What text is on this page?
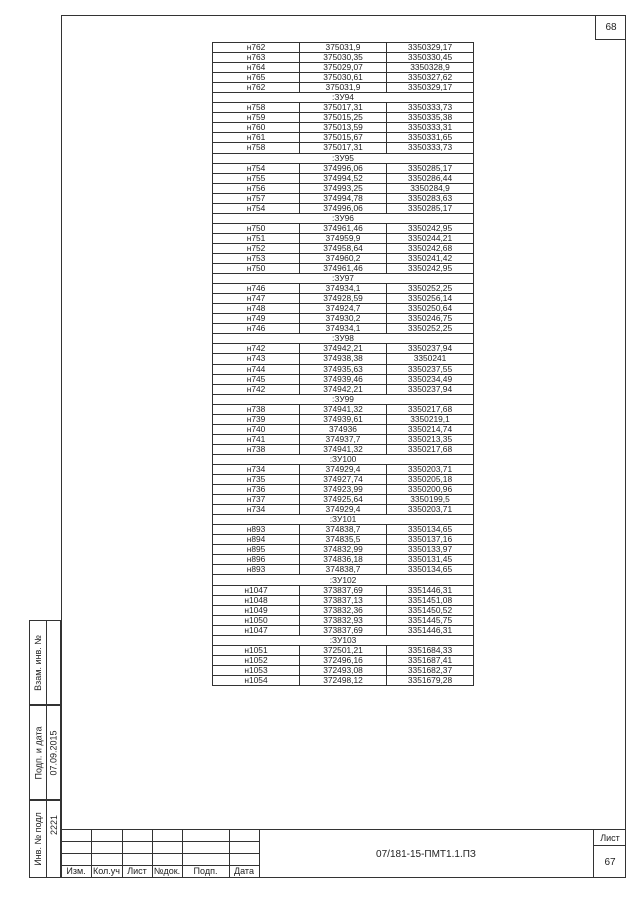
68
н762	375031,9	3350329,17
н763	375030,35	3350330,45
н764	375029,07	3350328,9
н765	375030,61	3350327,62
н762	375031,9	3350329,17
:ЗУ94		
н758	375017,31	3350333,73
н759	375015,25	3350335,38
н760	375013,59	3350333,31
н761	375015,67	3350331,65
н758	375017,31	3350333,73
:ЗУ95		
н754	374996,06	3350285,17
н755	374994,52	3350286,44
н756	374993,25	3350284,9
н757	374994,78	3350283,63
н754	374996,06	3350285,17
:ЗУ96		
н750	374961,46	3350242,95
н751	374959,9	3350244,21
н752	374958,64	3350242,68
н753	374960,2	3350241,42
н750	374961,46	3350242,95
:ЗУ97		
н746	374934,1	3350252,25
н747	374928,59	3350256,14
н748	374924,7	3350250,64
н749	374930,2	3350246,75
н746	374934,1	3350252,25
:ЗУ98		
н742	374942,21	3350237,94
н743	374938,38	3350241
н744	374935,63	3350237,55
н745	374939,46	3350234,49
н742	374942,21	3350237,94
:ЗУ99		
н738	374941,32	3350217,68
н739	374939,61	3350219,1
н740	374936	3350214,74
н741	374937,7	3350213,35
н738	374941,32	3350217,68
:ЗУ100		
н734	374929,4	3350203,71
н735	374927,74	3350205,18
н736	374923,99	3350200,96
н737	374925,64	3350199,5
н734	374929,4	3350203,71
:ЗУ101		
н893	374838,7	3350134,65
н894	374835,5	3350137,16
н895	374832,99	3350133,97
н896	374836,18	3350131,45
н893	374838,7	3350134,65
:ЗУ102		
н1047	373837,69	3351446,31
н1048	373837,13	3351451,08
н1049	373832,36	3351450,52
н1050	373832,93	3351445,75
н1047	373837,69	3351446,31
:ЗУ103		
н1051	372501,21	3351684,33
н1052	372496,16	3351687,41
н1053	372493,08	3351682,37
н1054	372498,12	3351679,28
Взам. инв. №
Подп. и дата 07.09.2015
Инв. № подл 2221
Изм. Кол.уч Лист №док.	Подп.	Дата
07/181-15-ПМТ1.1.ПЗ
Лист
67
